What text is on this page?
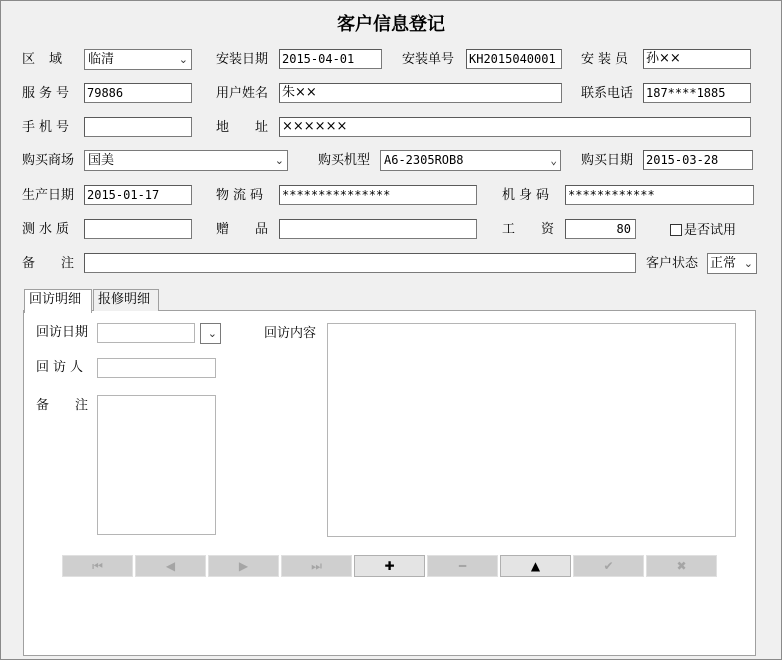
客户信息登记
区域	临清	⌄ 安装日期 2015-04-01	安装单号 KH2015040001	安装员 孙××
服务号 79886	用户姓名 朱××	联系电话 187****1885
手机号	地址 ××××××
购买商场	国美	⌄	购买机型	A6-2305ROB8	⌄ 购买日期 2015-03-28
生产日期 2015-01-17	物流码 ***************	机身码 ************
测水质	赠品	工资	80	是否试用
备注	客户状态 正常 ⌄
回访明细	报修明细
回访日期	⌄
回访人
备注
回访内容
⏮	◀	▶	⏭	✚	━	▲	✔	✖
